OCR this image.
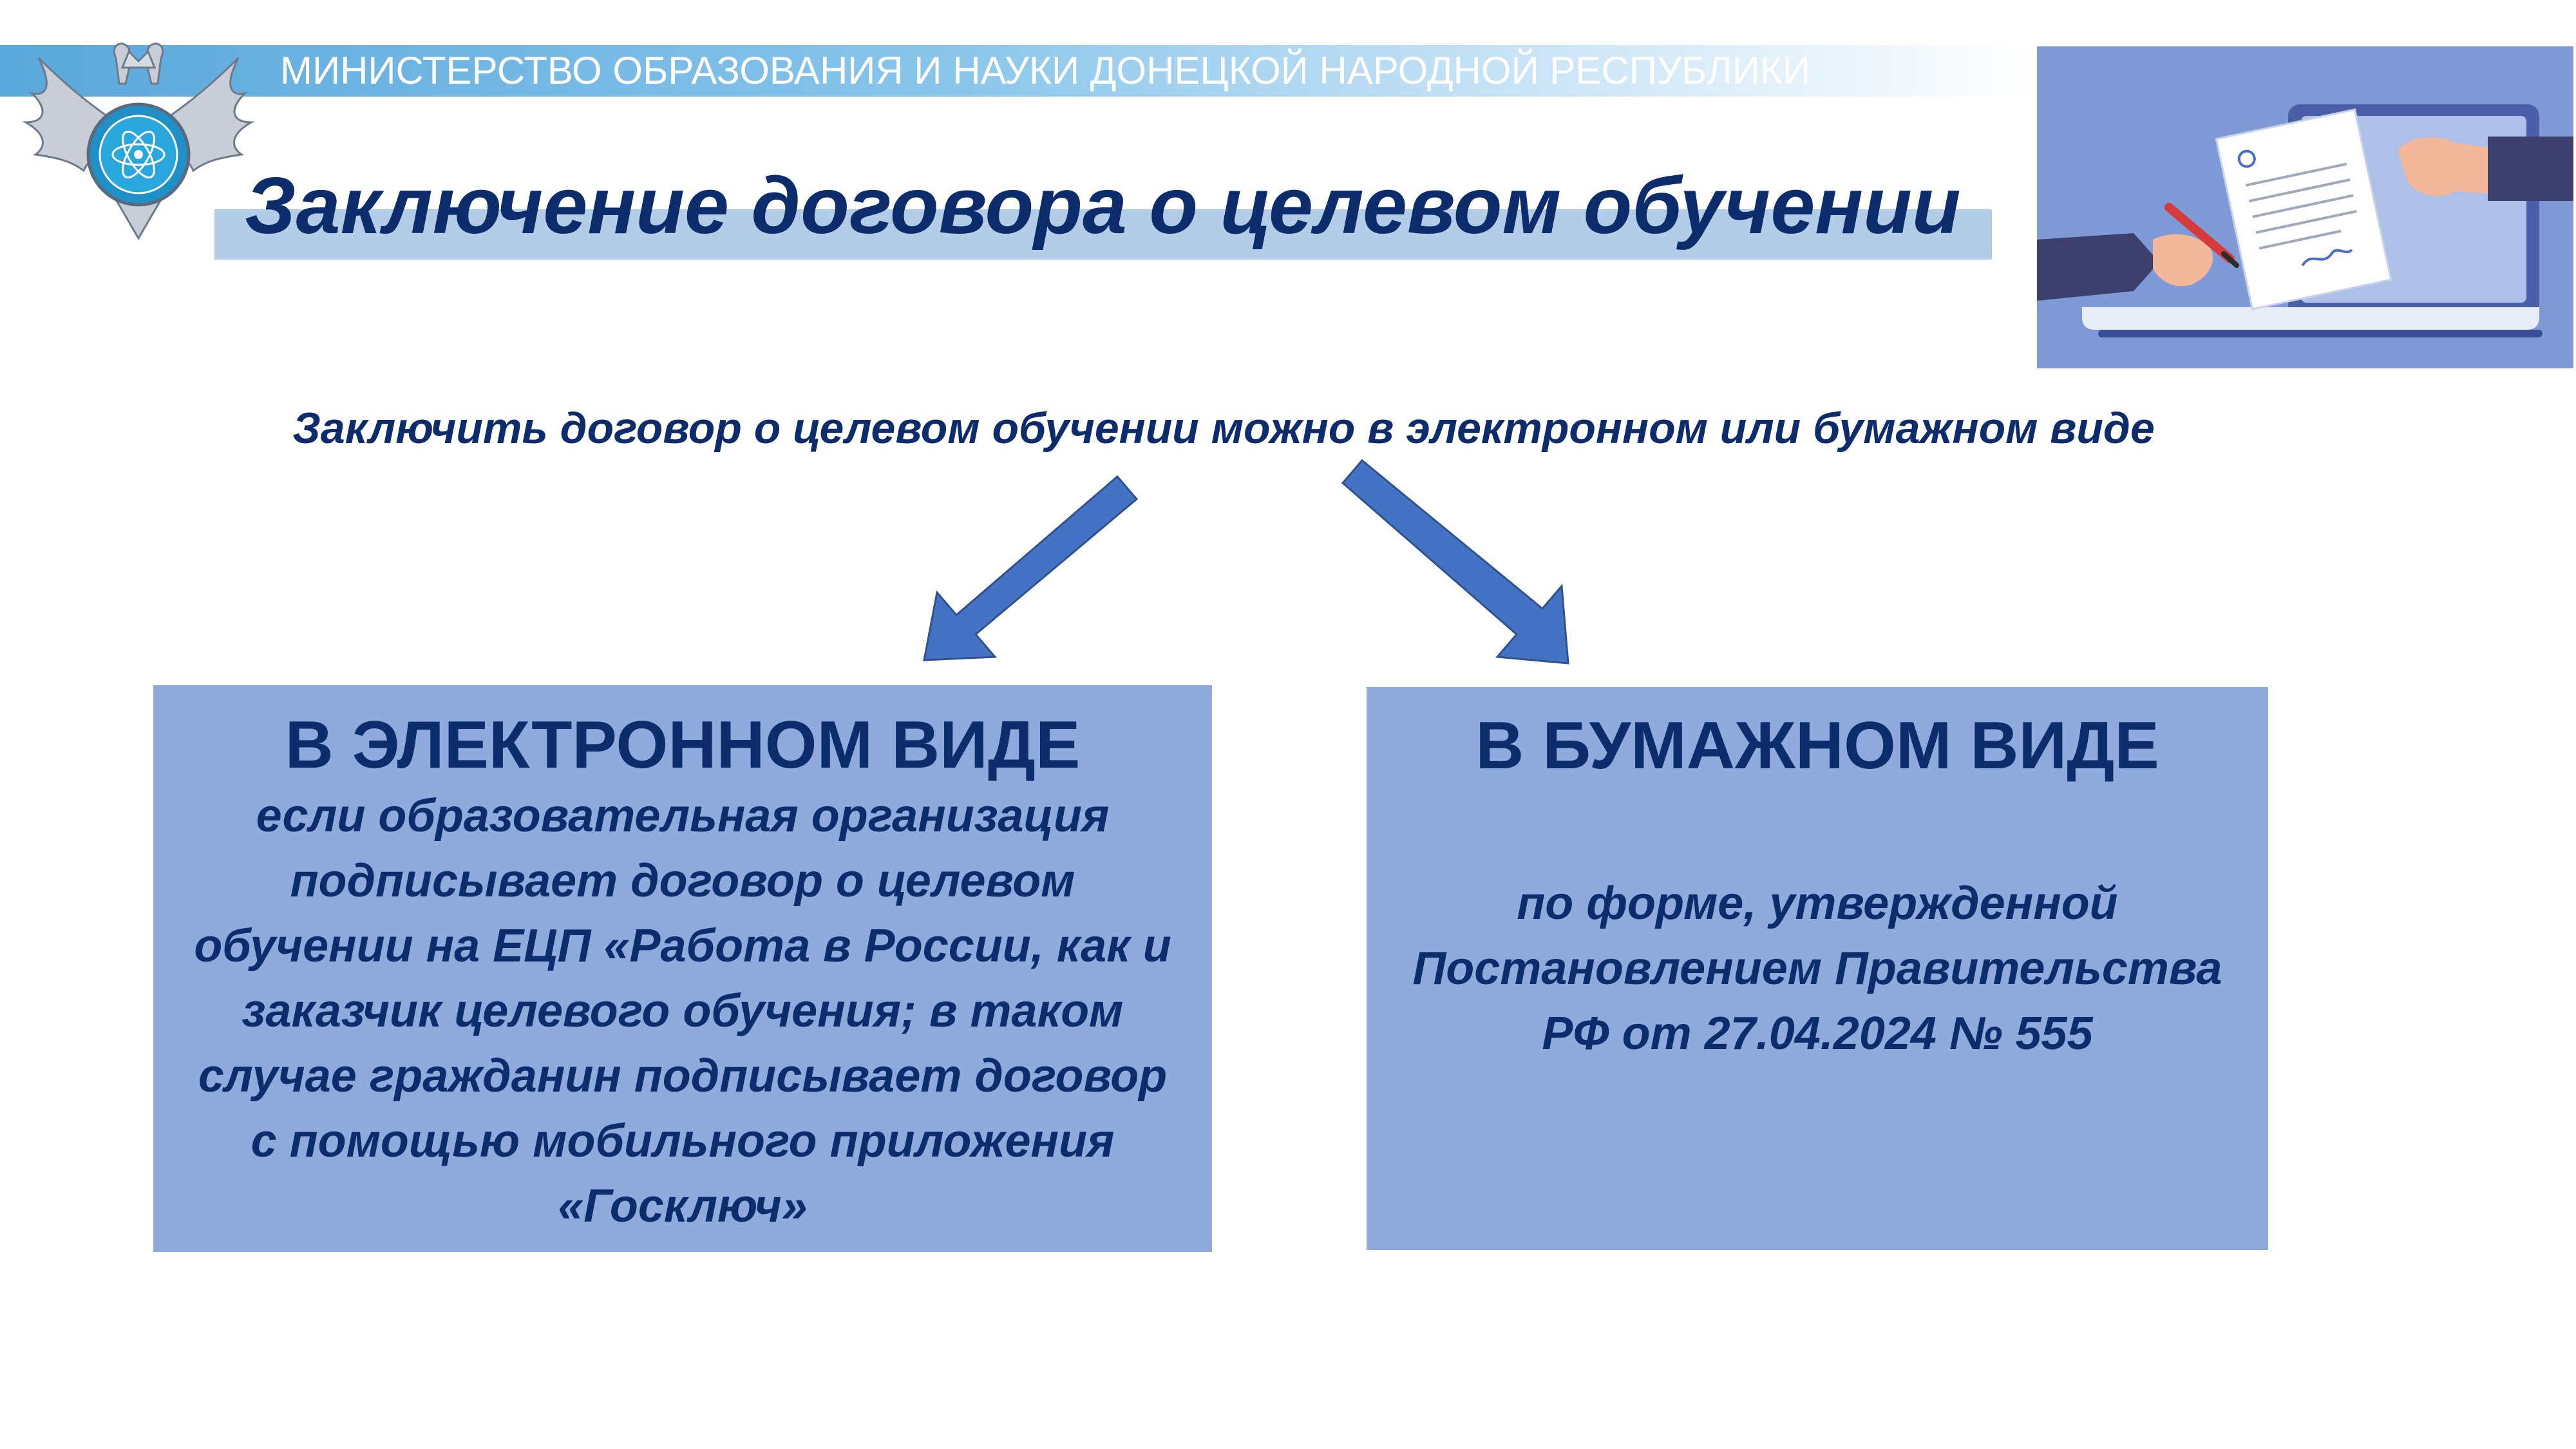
МИНИСТЕРСТВО ОБРАЗОВАНИЯ И НАУКИ ДОНЕЦКОЙ НАРОДНОЙ РЕСПУБЛИКИ
Заключение договора о целевом обучении
Заключить договор о целевом обучении можно в электронном или бумажном виде

В ЭЛЕКТРОННОМ ВИДЕ

если образовательная организация
подписывает договор о целевом
обучении на ЕЦП «Работа в России, как и
заказчик целевого обучения; в таком
случае гражданин подписывает договор
с помощью мобильного приложения
«Госключ»

В БУМАЖНОМ ВИДЕ

по форме, утвержденной
Постановлением Правительства
РФ от 27.04.2024 № 555
